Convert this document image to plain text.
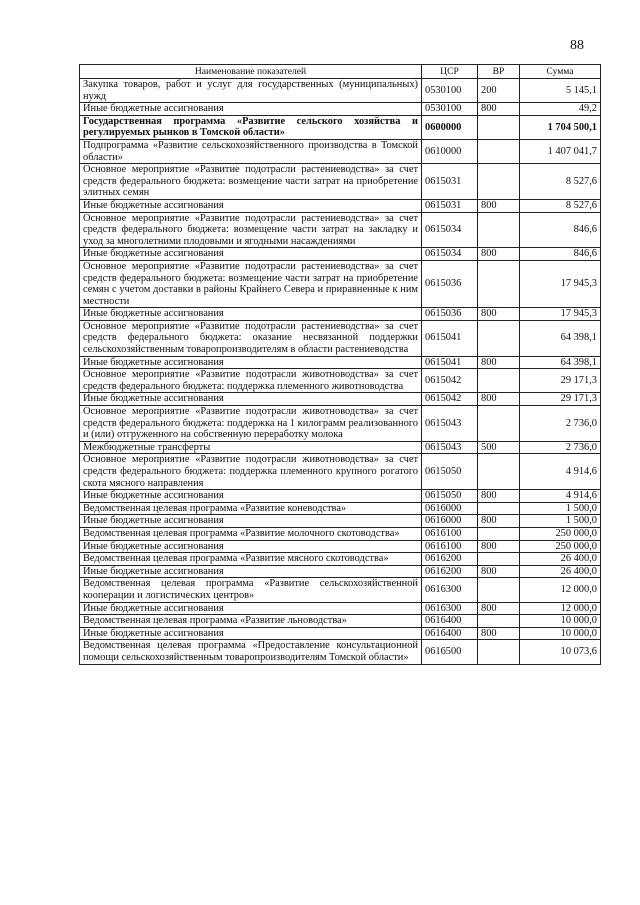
88
Наименование показателей	ЦСР	ВР	Сумма
Закупка товаров, работ и услуг для государственных (муниципальных) нужд	0530100	200	5 145,1
Иные бюджетные ассигнования	0530100	800	49,2
Государственная программа «Развитие сельского хозяйства и регулируемых рынков в Томской области»	0600000		1 704 500,1
Подпрограмма «Развитие сельскохозяйственного производства в Томской области»	0610000		1 407 041,7
Основное мероприятие «Развитие подотрасли растениеводства» за счет средств федерального бюджета: возмещение части затрат на приобретение элитных семян	0615031		8 527,6
Иные бюджетные ассигнования	0615031	800	8 527,6
Основное мероприятие «Развитие подотрасли растениеводства» за счет средств федерального бюджета: возмещение части затрат на закладку и уход за многолетними плодовыми и ягодными насаждениями	0615034		846,6
Иные бюджетные ассигнования	0615034	800	846,6
Основное мероприятие «Развитие подотрасли растениеводства» за счет средств федерального бюджета: возмещение части затрат на приобретение семян с учетом доставки в районы Крайнего Севера и приравненные к ним местности	0615036		17 945,3
Иные бюджетные ассигнования	0615036	800	17 945,3
Основное мероприятие «Развитие подотрасли растениеводства» за счет средств федерального бюджета: оказание несвязанной поддержки сельскохозяйственным товаропроизводителям в области растениеводства	0615041		64 398,1
Иные бюджетные ассигнования	0615041	800	64 398,1
Основное мероприятие «Развитие подотрасли животноводства» за счет средств федерального бюджета: поддержка племенного животноводства	0615042		29 171,3
Иные бюджетные ассигнования	0615042	800	29 171,3
Основное мероприятие «Развитие подотрасли животноводства» за счет средств федерального бюджета: поддержка на 1 килограмм реализованного и (или) отгруженного на собственную переработку молока	0615043		2 736,0
Межбюджетные трансферты	0615043	500	2 736,0
Основное мероприятие «Развитие подотрасли животноводства» за счет средств федерального бюджета: поддержка племенного крупного рогатого скота мясного направления	0615050		4 914,6
Иные бюджетные ассигнования	0615050	800	4 914,6
Ведомственная целевая программа «Развитие коневодства»	0616000		1 500,0
Иные бюджетные ассигнования	0616000	800	1 500,0
Ведомственная целевая программа «Развитие молочного скотоводства»	0616100		250 000,0
Иные бюджетные ассигнования	0616100	800	250 000,0
Ведомственная целевая программа «Развитие мясного скотоводства»	0616200		26 400,0
Иные бюджетные ассигнования	0616200	800	26 400,0
Ведомственная целевая программа «Развитие сельскохозяйственной кооперации и логистических центров»	0616300		12 000,0
Иные бюджетные ассигнования	0616300	800	12 000,0
Ведомственная целевая программа «Развитие льноводства»	0616400		10 000,0
Иные бюджетные ассигнования	0616400	800	10 000,0
Ведомственная целевая программа «Предоставление консультационной помощи сельскохозяйственным товаропроизводителям Томской области»	0616500		10 073,6
